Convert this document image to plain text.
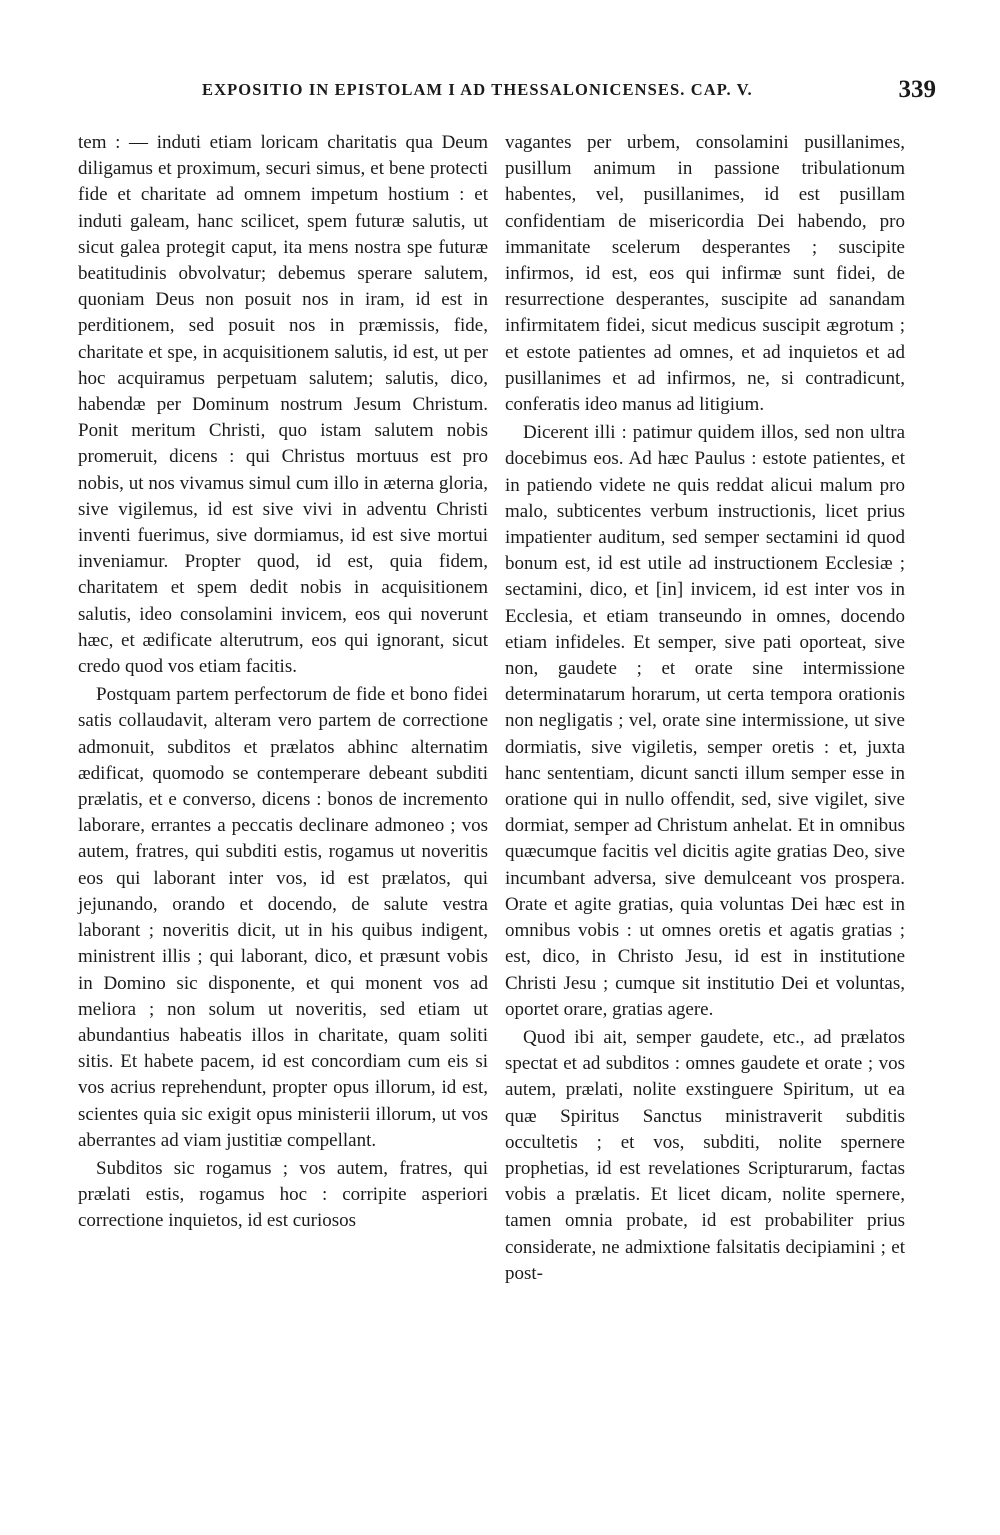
EXPOSITIO IN EPISTOLAM I AD THESSALONICENSES. CAP. V.	339

tem : — induti etiam loricam charitatis qua Deum diligamus et proximum, securi simus, et bene protecti fide et charitate ad omnem impetum hostium : et induti galeam, hanc scilicet, spem futuræ salutis, ut sicut galea protegit caput, ita mens nostra spe futuræ beatitudinis obvolvatur; debemus sperare salutem, quoniam Deus non posuit nos in iram, id est in perditionem, sed posuit nos in præmissis, fide, charitate et spe, in acquisitionem salutis, id est, ut per hoc acquiramus perpetuam salutem; salutis, dico, habendæ per Dominum nostrum Jesum Christum. Ponit meritum Christi, quo istam salutem nobis promeruit, dicens : qui Christus mortuus est pro nobis, ut nos vivamus simul cum illo in æterna gloria, sive vigilemus, id est sive vivi in adventu Christi inventi fuerimus, sive dormiamus, id est sive mortui inveniamur. Propter quod, id est, quia fidem, charitatem et spem dedit nobis in acquisitionem salutis, ideo consolamini invicem, eos qui noverunt hæc, et ædificate alterutrum, eos qui ignorant, sicut credo quod vos etiam facitis.

Postquam partem perfectorum de fide et bono fidei satis collaudavit, alteram vero partem de correctione admonuit, subditos et prælatos abhinc alternatim ædificat, quomodo se contemperare debeant subditi prælatis, et e converso, dicens : bonos de incremento laborare, errantes a peccatis declinare admoneo ; vos autem, fratres, qui subditi estis, rogamus ut noveritis eos qui laborant inter vos, id est prælatos, qui jejunando, orando et docendo, de salute vestra laborant ; noveritis dicit, ut in his quibus indigent, ministrent illis ; qui laborant, dico, et præsunt vobis in Domino sic disponente, et qui monent vos ad meliora ; non solum ut noveritis, sed etiam ut abundantius habeatis illos in charitate, quam soliti sitis. Et habete pacem, id est concordiam cum eis si vos acrius reprehendunt, propter opus illorum, id est, scientes quia sic exigit opus ministerii illorum, ut vos aberrantes ad viam justitiæ compellant.

Subditos sic rogamus ; vos autem, fratres, qui prælati estis, rogamus hoc : corripite asperiori correctione inquietos, id est curiosos

vagantes per urbem, consolamini pusillanimes, pusillum animum in passione tribulationum habentes, vel, pusillanimes, id est pusillam confidentiam de misericordia Dei habendo, pro immanitate scelerum desperantes ; suscipite infirmos, id est, eos qui infirmæ sunt fidei, de resurrectione desperantes, suscipite ad sanandam infirmitatem fidei, sicut medicus suscipit ægrotum ; et estote patientes ad omnes, et ad inquietos et ad pusillanimes et ad infirmos, ne, si contradicunt, conferatis ideo manus ad litigium.

Dicerent illi : patimur quidem illos, sed non ultra docebimus eos. Ad hæc Paulus : estote patientes, et in patiendo videte ne quis reddat alicui malum pro malo, subticentes verbum instructionis, licet prius impatienter auditum, sed semper sectamini id quod bonum est, id est utile ad instructionem Ecclesiæ ; sectamini, dico, et [in] invicem, id est inter vos in Ecclesia, et etiam transeundo in omnes, docendo etiam infideles. Et semper, sive pati oporteat, sive non, gaudete ; et orate sine intermissione determinatarum horarum, ut certa tempora orationis non negligatis ; vel, orate sine intermissione, ut sive dormiatis, sive vigiletis, semper oretis : et, juxta hanc sententiam, dicunt sancti illum semper esse in oratione qui in nullo offendit, sed, sive vigilet, sive dormiat, semper ad Christum anhelat. Et in omnibus quæcumque facitis vel dicitis agite gratias Deo, sive incumbant adversa, sive demulceant vos prospera. Orate et agite gratias, quia voluntas Dei hæc est in omnibus vobis : ut omnes oretis et agatis gratias ; est, dico, in Christo Jesu, id est in institutione Christi Jesu ; cumque sit institutio Dei et voluntas, oportet orare, gratias agere.

Quod ibi ait, semper gaudete, etc., ad prælatos spectat et ad subditos : omnes gaudete et orate ; vos autem, prælati, nolite exstinguere Spiritum, ut ea quæ Spiritus Sanctus ministraverit subditis occultetis ; et vos, subditi, nolite spernere prophetias, id est revelationes Scripturarum, factas vobis a prælatis. Et licet dicam, nolite spernere, tamen omnia probate, id est probabiliter prius considerate, ne admixtione falsitatis decipiamini ; et post-
